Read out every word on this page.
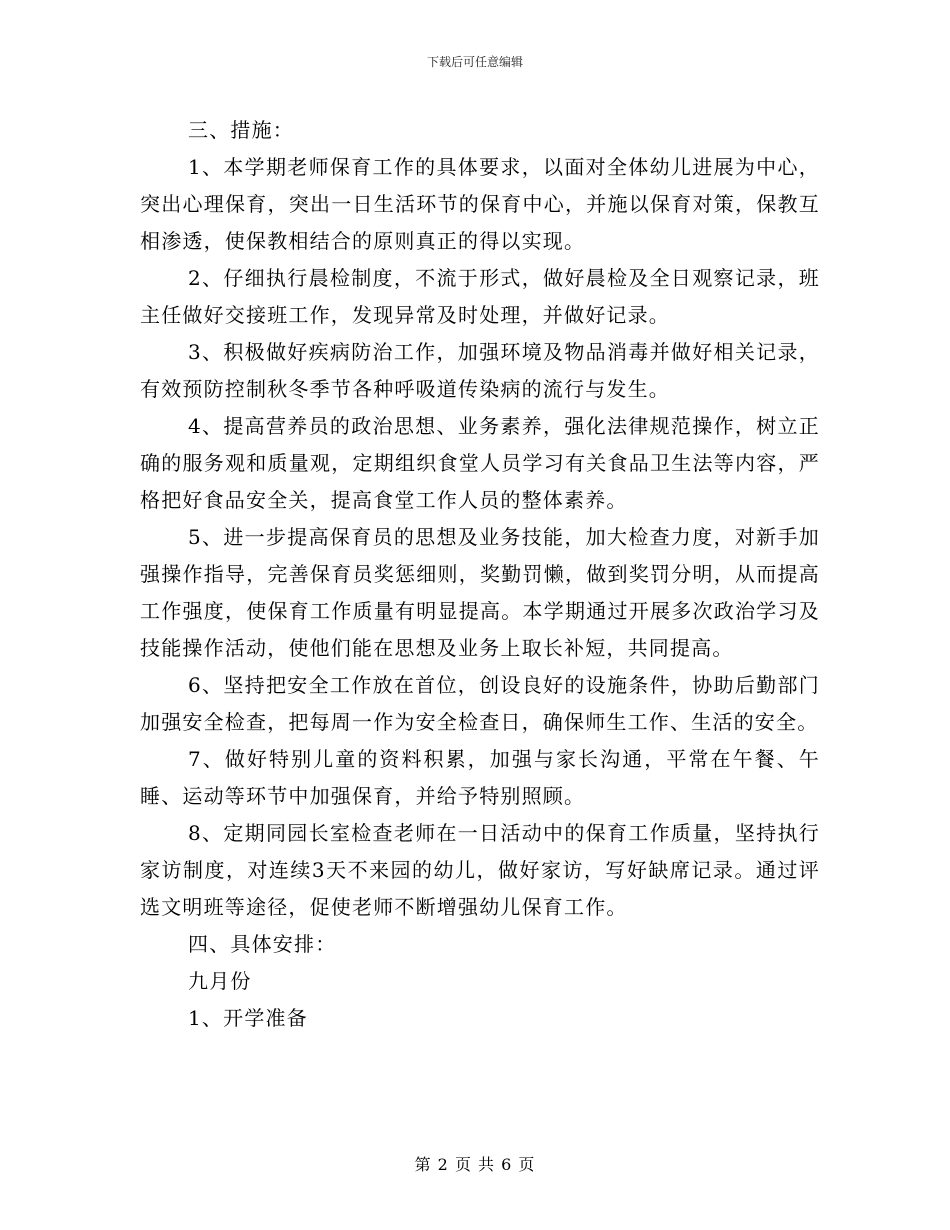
下载后可任意编辑

三、措施：

1、本学期老师保育工作的具体要求，以面对全体幼儿进展为中心，突出心理保育，突出一日生活环节的保育中心，并施以保育对策，保教互相渗透，使保教相结合的原则真正的得以实现。

2、仔细执行晨检制度，不流于形式，做好晨检及全日观察记录，班主任做好交接班工作，发现异常及时处理，并做好记录。

3、积极做好疾病防治工作，加强环境及物品消毒并做好相关记录，有效预防控制秋冬季节各种呼吸道传染病的流行与发生。

4、提高营养员的政治思想、业务素养，强化法律规范操作，树立正确的服务观和质量观，定期组织食堂人员学习有关食品卫生法等内容，严格把好食品安全关，提高食堂工作人员的整体素养。

5、进一步提高保育员的思想及业务技能，加大检查力度，对新手加强操作指导，完善保育员奖惩细则，奖勤罚懒，做到奖罚分明，从而提高工作强度，使保育工作质量有明显提高。本学期通过开展多次政治学习及技能操作活动，使他们能在思想及业务上取长补短，共同提高。

6、坚持把安全工作放在首位，创设良好的设施条件，协助后勤部门加强安全检查，把每周一作为安全检查日，确保师生工作、生活的安全。

7、做好特别儿童的资料积累，加强与家长沟通，平常在午餐、午睡、运动等环节中加强保育，并给予特别照顾。

8、定期同园长室检查老师在一日活动中的保育工作质量，坚持执行家访制度，对连续3天不来园的幼儿，做好家访，写好缺席记录。通过评选文明班等途径，促使老师不断增强幼儿保育工作。

四、具体安排：

九月份

1、开学准备

第 2 页 共 6 页
